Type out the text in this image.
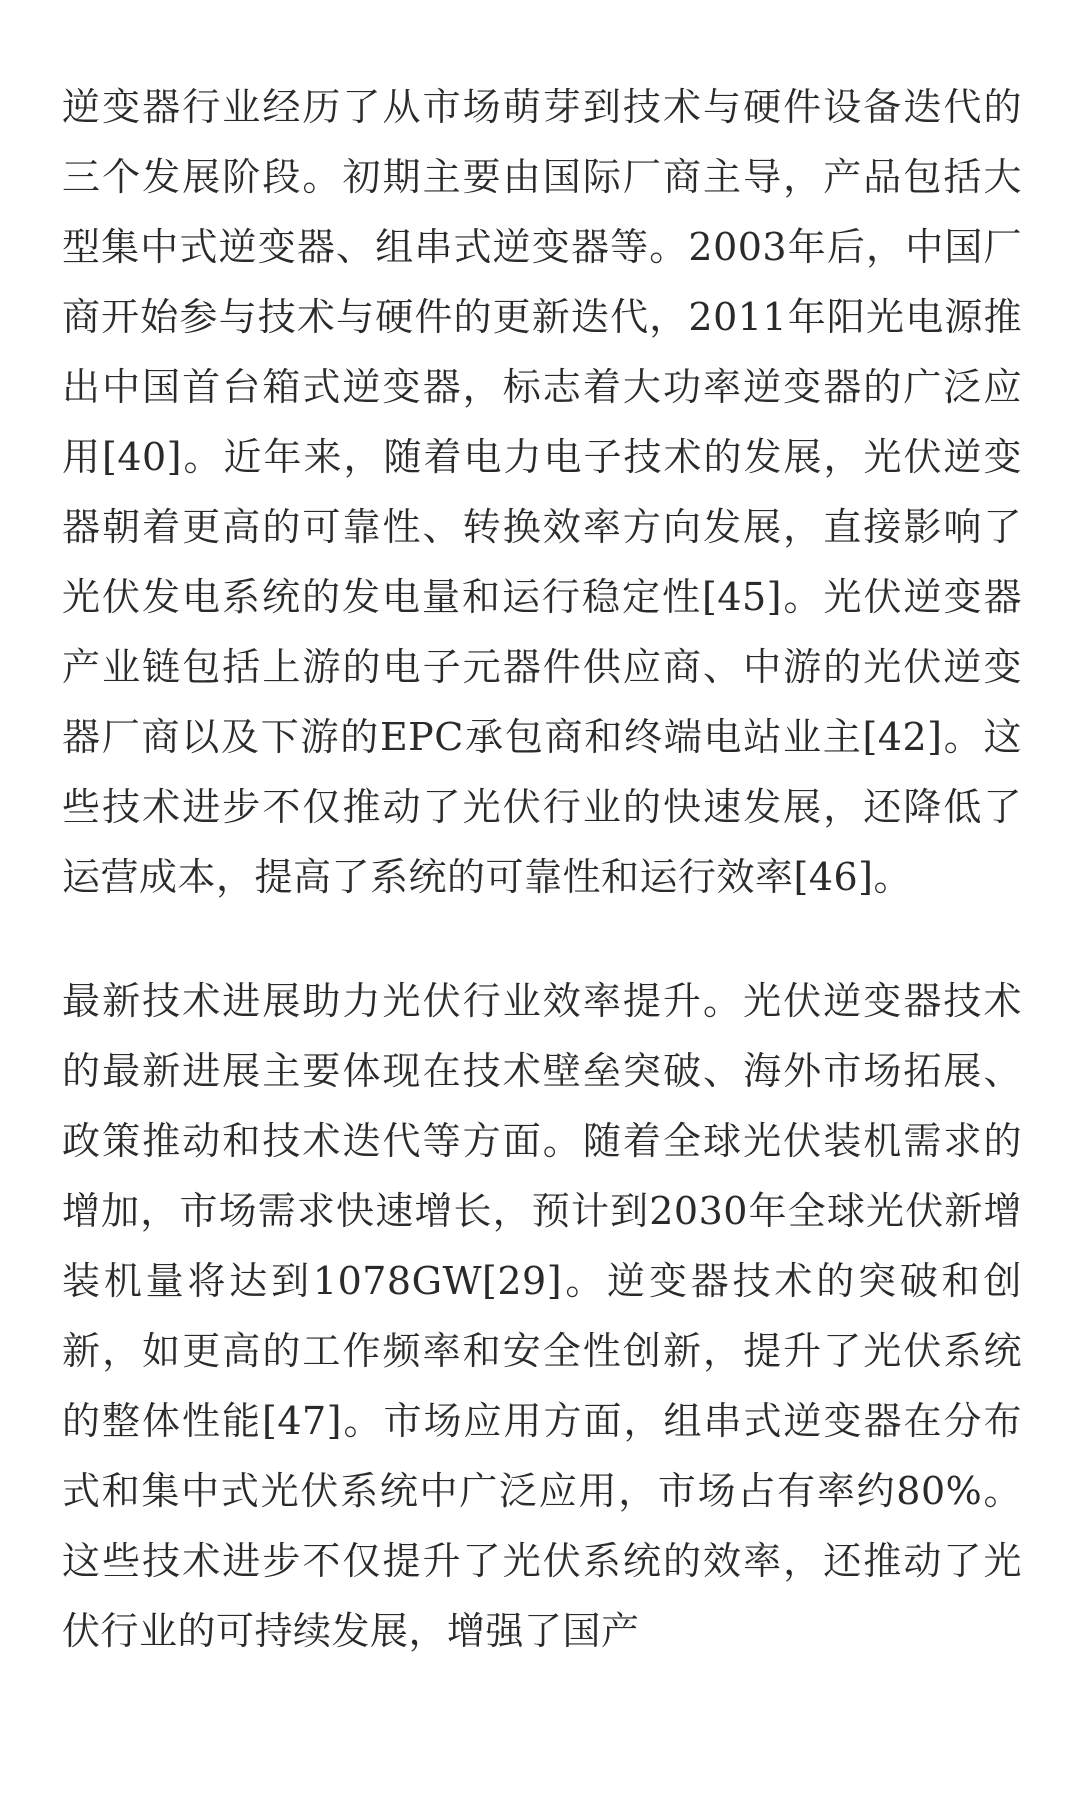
逆变器行业经历了从市场萌芽到技术与硬件设备迭代的三个发展阶段。初期主要由国际厂商主导，产品包括大型集中式逆变器、组串式逆变器等。2003年后，中国厂商开始参与技术与硬件的更新迭代，2011年阳光电源推出中国首台箱式逆变器，标志着大功率逆变器的广泛应用[40]。近年来，随着电力电子技术的发展，光伏逆变器朝着更高的可靠性、转换效率方向发展，直接影响了光伏发电系统的发电量和运行稳定性[45]。光伏逆变器产业链包括上游的电子元器件供应商、中游的光伏逆变器厂商以及下游的EPC承包商和终端电站业主[42]。这些技术进步不仅推动了光伏行业的快速发展，还降低了运营成本，提高了系统的可靠性和运行效率[46]。

最新技术进展助力光伏行业效率提升。光伏逆变器技术的最新进展主要体现在技术壁垒突破、海外市场拓展、政策推动和技术迭代等方面。随着全球光伏装机需求的增加，市场需求快速增长，预计到2030年全球光伏新增装机量将达到1078GW[29]。逆变器技术的突破和创新，如更高的工作频率和安全性创新，提升了光伏系统的整体性能[47]。市场应用方面，组串式逆变器在分布式和集中式光伏系统中广泛应用，市场占有率约80%。这些技术进步不仅提升了光伏系统的效率，还推动了光伏行业的可持续发展，增强了国产
